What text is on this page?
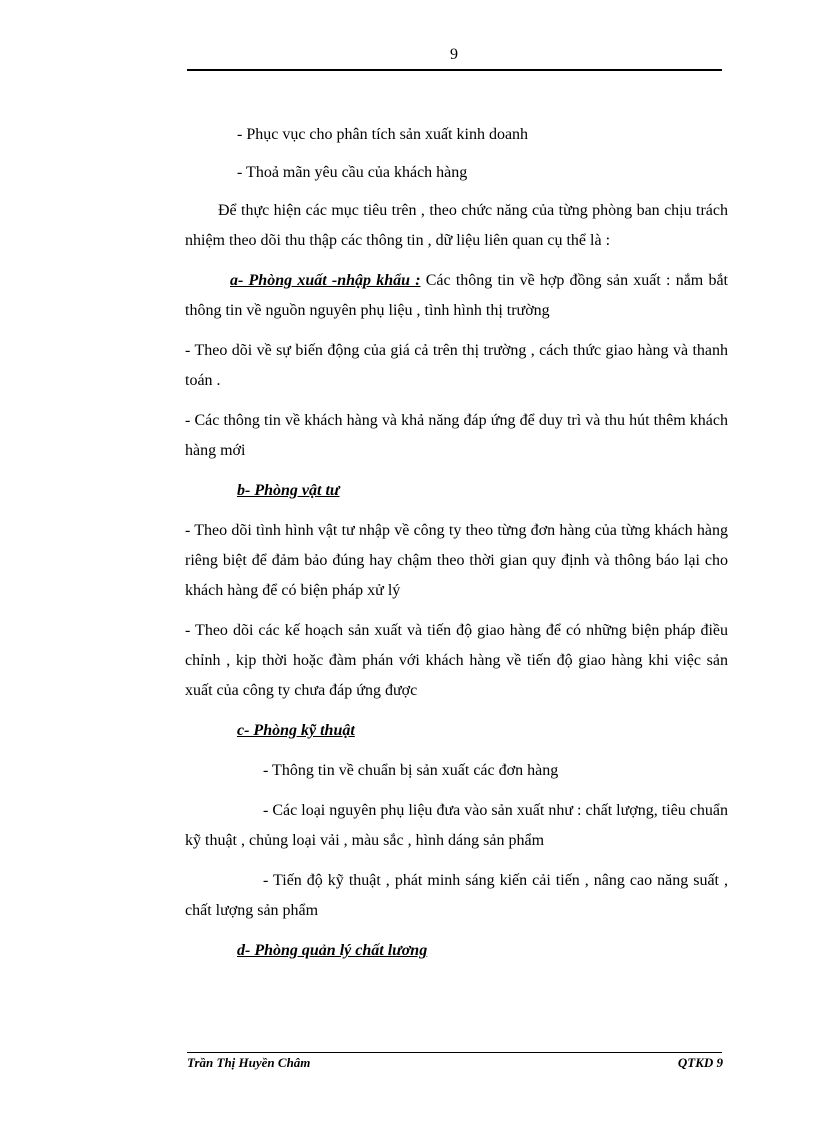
9

- Phục vục cho phân tích sản xuất kinh doanh

- Thoả mãn yêu cầu của khách hàng

Để thực hiện các mục tiêu trên , theo chức năng của từng phòng ban chịu trách nhiệm theo dõi thu thập các thông tin , dữ liệu liên quan cụ thể là :

a- Phòng xuất -nhập khẩu : Các thông tin về hợp đồng sản xuất : nắm bắt thông tin về nguồn nguyên phụ liệu , tình hình thị trường

- Theo dõi về sự biến động của giá cả trên thị trường , cách thức giao hàng và thanh toán .

- Các thông tin về khách hàng và khả năng đáp ứng để duy trì và thu hút thêm khách hàng mới

b- Phòng vật tư

- Theo dõi tình hình vật tư nhập về công ty theo từng đơn hàng của từng khách hàng riêng biệt để đảm bảo đúng hay chậm theo thời gian quy định và thông báo lại cho khách hàng để có biện pháp xử lý

- Theo dõi các kế hoạch sản xuất và tiến độ giao hàng để có những biện pháp điều chỉnh , kịp thời hoặc đàm phán với khách hàng về tiến độ giao hàng khi việc sản xuất của công ty chưa đáp ứng được

c- Phòng kỹ thuật

- Thông tin về chuẩn bị sản xuất các đơn hàng

- Các loại nguyên phụ liệu đưa vào sản xuất như : chất lượng, tiêu chuẩn kỹ thuật , chủng loại vải , màu sắc , hình dáng sản phẩm

- Tiến độ kỹ thuật , phát minh sáng kiến cải tiến , nâng cao năng suất , chất lượng sản phẩm

d- Phòng quản lý chất lương

Trần Thị Huyền Châm	QTKD 9
